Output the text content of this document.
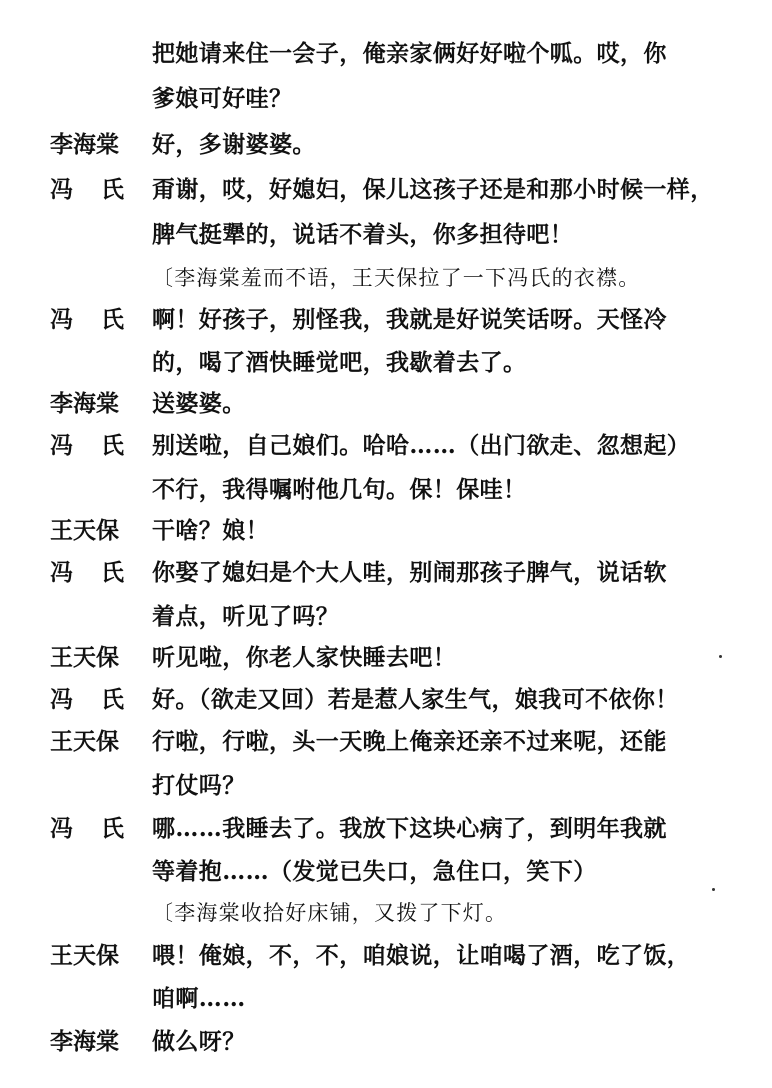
把她请来住一会子，俺亲家俩好好啦个呱。哎，你
爹娘可好哇？
李海棠 好，多谢婆婆。
冯 氏 甭谢，哎，好媳妇，保儿这孩子还是和那小时候一样，
脾气挺犟的，说话不着头，你多担待吧！
〔李海棠羞而不语，王天保拉了一下冯氏的衣襟。
冯 氏 啊！好孩子，别怪我，我就是好说笑话呀。天怪冷
的，喝了酒快睡觉吧，我歇着去了。
李海棠 送婆婆。
冯 氏 别送啦，自己娘们。哈哈……（出门欲走、忽想起）
不行，我得嘱咐他几句。保！保哇！
王天保 干啥？娘！
冯 氏 你娶了媳妇是个大人哇，别闹那孩子脾气，说话软
着点，听见了吗？
王天保 听见啦，你老人家快睡去吧！
冯 氏 好。（欲走又回）若是惹人家生气，娘我可不依你！
王天保 行啦，行啦，头一天晚上俺亲还亲不过来呢，还能
打仗吗？
冯 氏 哪……我睡去了。我放下这块心病了，到明年我就
等着抱……（发觉已失口，急住口，笑下）
〔李海棠收拾好床铺，又拨了下灯。
王天保 喂！俺娘，不，不，咱娘说，让咱喝了酒，吃了饭，
咱啊……
李海棠 做么呀？
